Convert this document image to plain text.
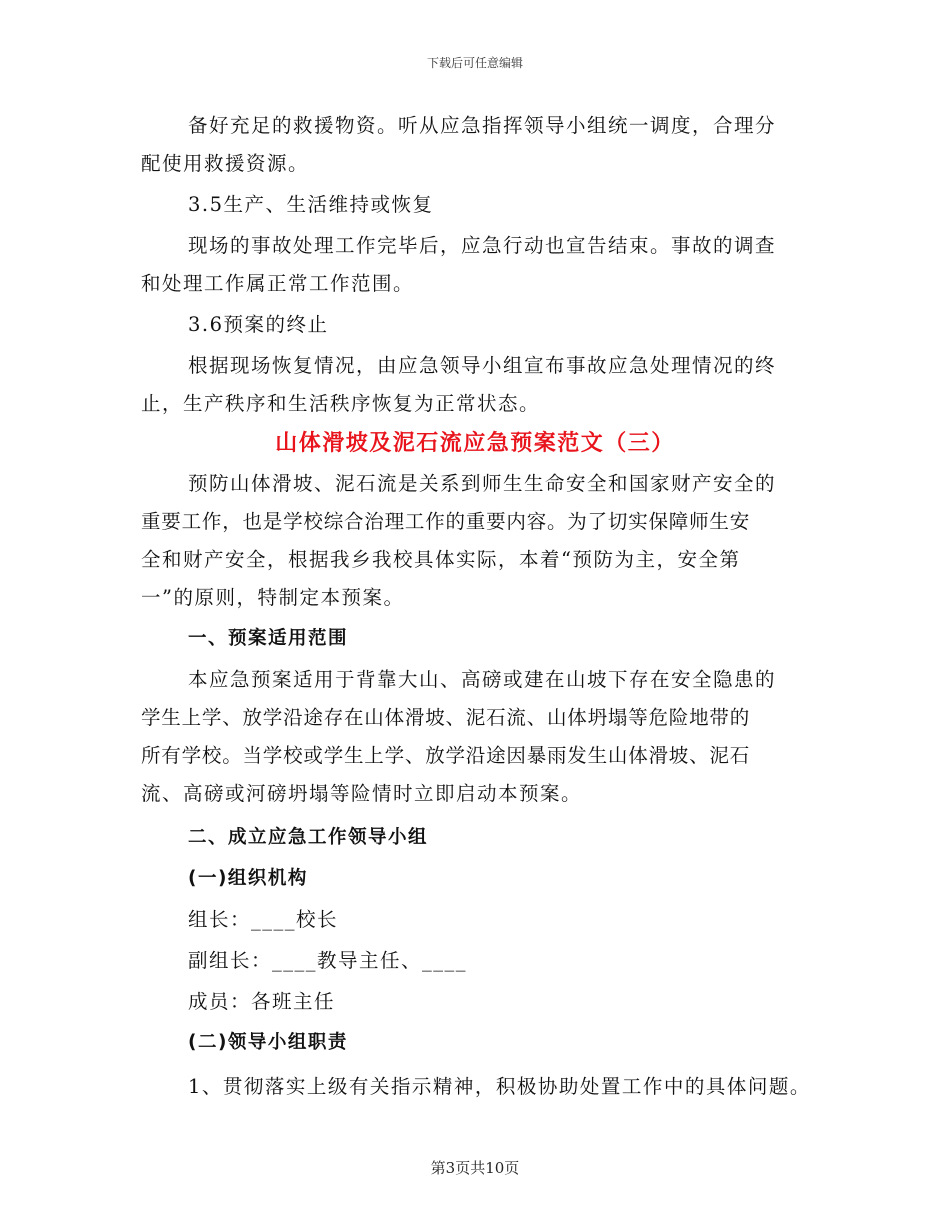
下载后可任意编辑
备好充足的救援物资。听从应急指挥领导小组统一调度，合理分
配使用救援资源。
3.5生产、生活维持或恢复
现场的事故处理工作完毕后，应急行动也宣告结束。事故的调查
和处理工作属正常工作范围。
3.6预案的终止
根据现场恢复情况，由应急领导小组宣布事故应急处理情况的终
止，生产秩序和生活秩序恢复为正常状态。
山体滑坡及泥石流应急预案范文（三）
预防山体滑坡、泥石流是关系到师生生命安全和国家财产安全的
重要工作，也是学校综合治理工作的重要内容。为了切实保障师生安
全和财产安全，根据我乡我校具体实际，本着“预防为主，安全第
一”的原则，特制定本预案。
一、预案适用范围
本应急预案适用于背靠大山、高磅或建在山坡下存在安全隐患的
学生上学、放学沿途存在山体滑坡、泥石流、山体坍塌等危险地带的
所有学校。当学校或学生上学、放学沿途因暴雨发生山体滑坡、泥石
流、高磅或河磅坍塌等险情时立即启动本预案。
二、成立应急工作领导小组
(一)组织机构
组长：____校长
副组长：____教导主任、____
成员：各班主任
(二)领导小组职责
1、贯彻落实上级有关指示精神，积极协助处置工作中的具体问题。
第3页共10页
